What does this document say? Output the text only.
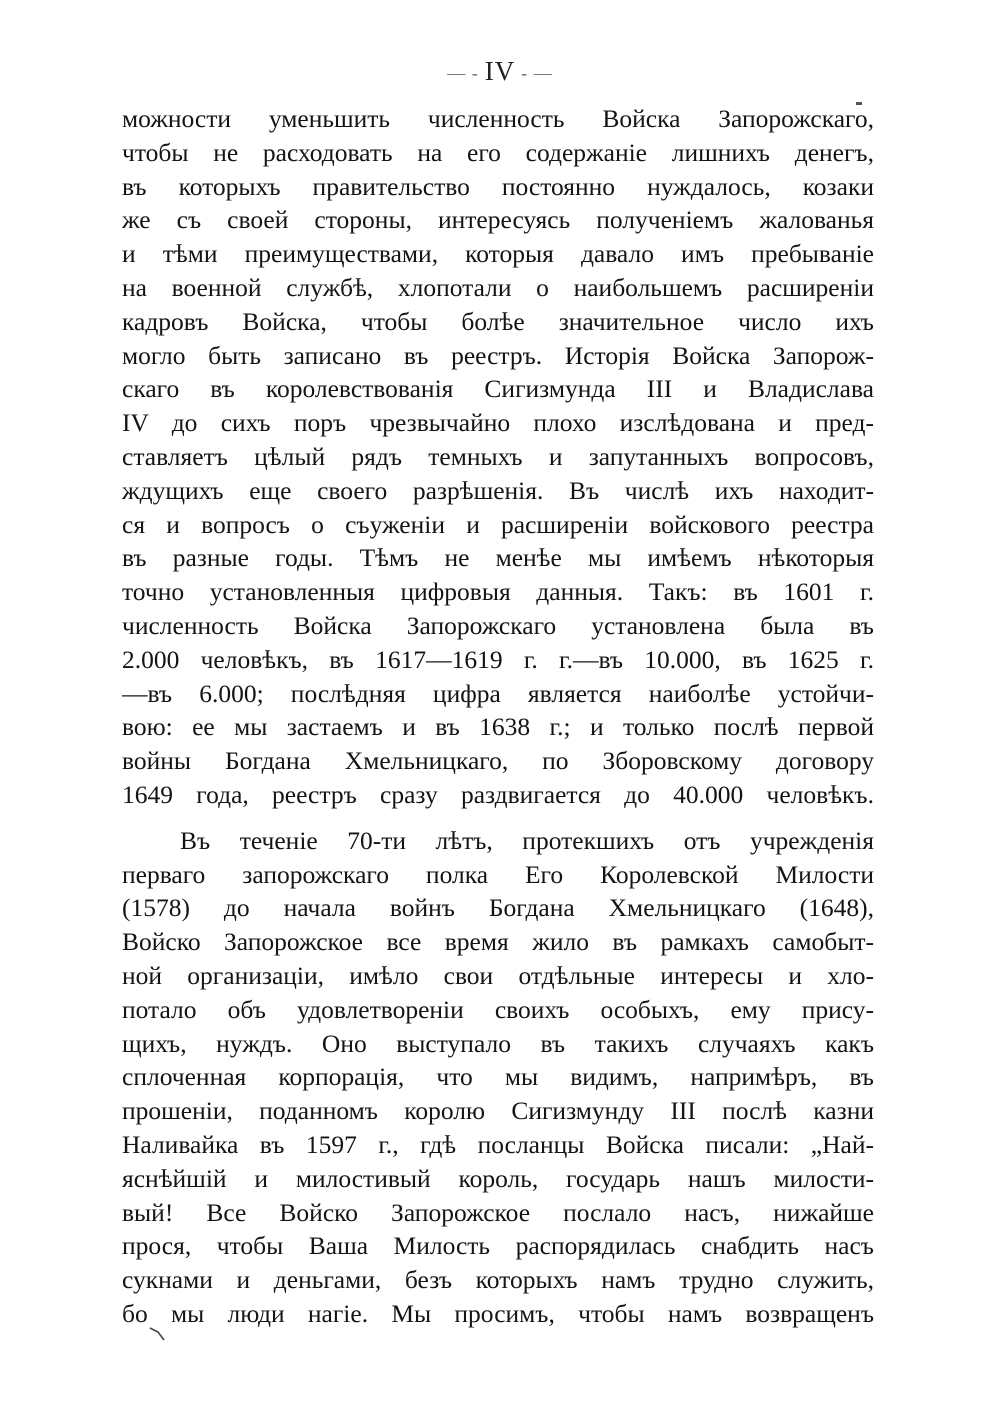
— - IV - —
можности уменьшить численность Войска Запорожскаго,
чтобы не расходовать на его содержаніе лишнихъ денегъ,
въ которыхъ правительство постоянно нуждалось, козаки
же съ своей стороны, интересуясь полученіемъ жалованья
и тѣми преимуществами, которыя давало имъ пребываніе
на военной службѣ, хлопотали о наибольшемъ расширеніи
кадровъ Войска, чтобы болѣе значительное число ихъ
могло быть записано въ реестръ. Исторія Войска Запорож-
скаго въ королевствованія Сигизмунда III и Владислава
IV до сихъ поръ чрезвычайно плохо изслѣдована и пред-
ставляетъ цѣлый рядъ темныхъ и запутанныхъ вопросовъ,
ждущихъ еще своего разрѣшенія. Въ числѣ ихъ находит-
ся и вопросъ о съуженіи и расширеніи войскового реестра
въ разные годы. Тѣмъ не менѣе мы имѣемъ нѣкоторыя
точно установленныя цифровыя данныя. Такъ: въ 1601 г.
численность Войска Запорожскаго установлена была въ
2.000 человѣкъ, въ 1617—1619 г. г.—въ 10.000, въ 1625 г.
—въ 6.000; послѣдняя цифра является наиболѣе устойчи-
вою: ее мы застаемъ и въ 1638 г.; и только послѣ первой
войны Богдана Хмельницкаго, по Зборовскому договору
1649 года, реестръ сразу раздвигается до 40.000 человѣкъ.
Въ теченіе 70-ти лѣтъ, протекшихъ отъ учрежденія
перваго запорожскаго полка Его Королевской Милости
(1578) до начала войнъ Богдана Хмельницкаго (1648),
Войско Запорожское все время жило въ рамкахъ самобыт-
ной организаціи, имѣло свои отдѣльные интересы и хло-
потало объ удовлетвореніи своихъ особыхъ, ему прису-
щихъ, нуждъ. Оно выступало въ такихъ случаяхъ какъ
сплоченная корпорація, что мы видимъ, напримѣръ, въ
прошеніи, поданномъ королю Сигизмунду III послѣ казни
Наливайка въ 1597 г., гдѣ посланцы Войска писали: „Най-
яснѣйшій и милостивый король, государь нашъ милости-
вый! Все Войско Запорожское послало насъ, нижайше
прося, чтобы Ваша Милость распорядилась снабдить насъ
сукнами и деньгами, безъ которыхъ намъ трудно служить,
бо мы люди нагіе. Мы просимъ, чтобы намъ возвращенъ
